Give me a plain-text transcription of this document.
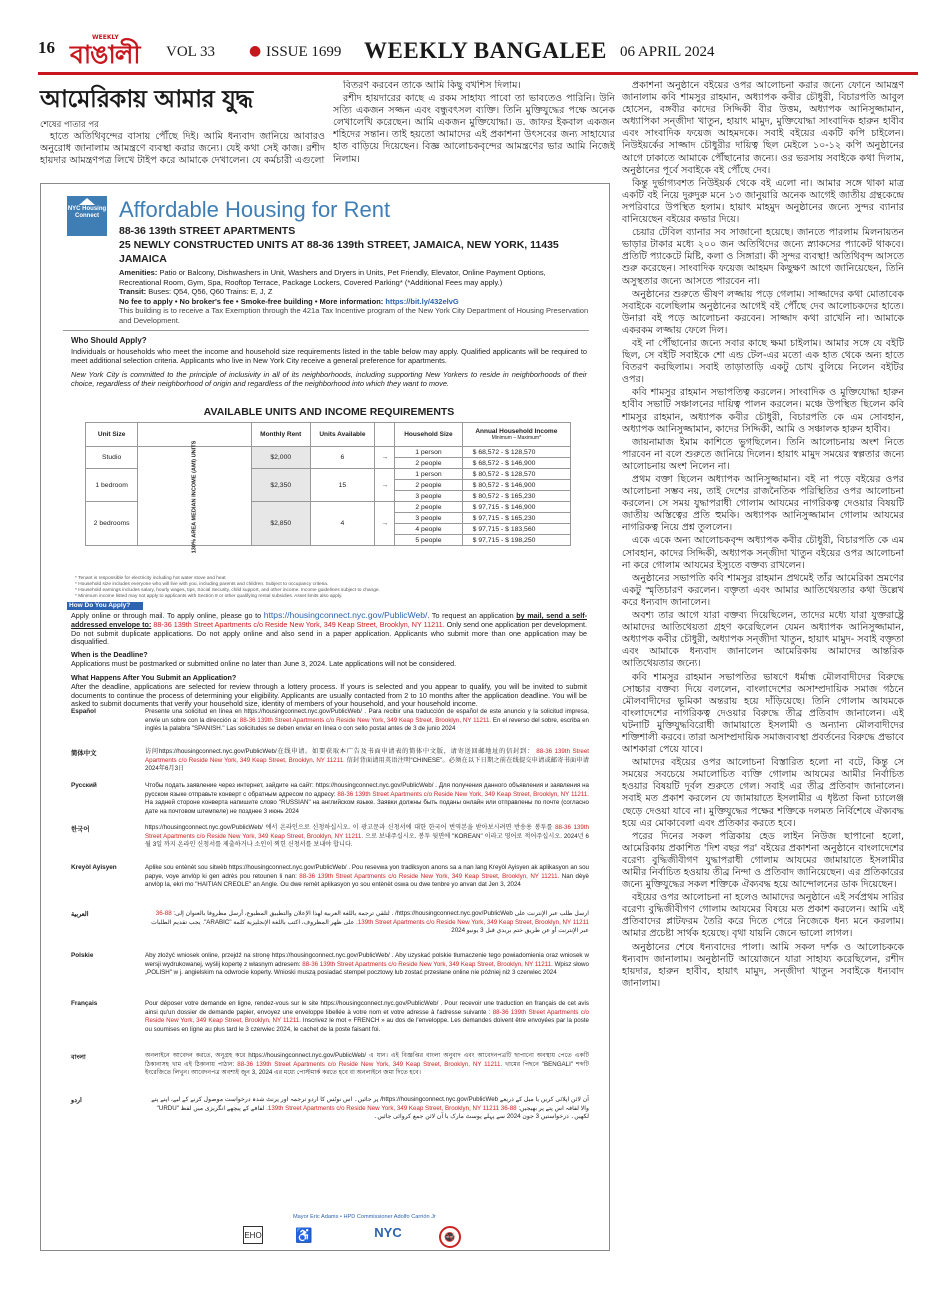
16
WEEKLY
বাঙালী VOL 33 ● ISSUE 1699 WEEKLY BANGALEE 06 APRIL 2024
আমেরিকায় আমার যুদ্ধ
শেষের পাতার পর

হাতে অতিথিবৃন্দের বাসায় পৌঁছে দিই। আমি ধন্যবাদ জানিয়ে আবারও অনুরোধ জানালাম আমন্ত্রণে ব্যবস্থা করার জন্যে। যেই কথা সেই কাজ। রশীদ হায়দার আমন্ত্রণপত্র লিখে টাইপ করে আমাকে দেখালেন। যে কর্মচারী এগুলো

বিতরণ করবেন তাকে আমি কিছু বখশিস দিলাম।

রশীদ হায়দারের কাছে এ রকম সাহায্য পাবো তা ভাবতেও পারিনি। উনি সত্যি একজন সজ্জন এবং বন্ধুবৎসল ব্যক্তি। তিনি মুক্তিযুদ্ধের পক্ষে অনেক লেখালেখি করেছেন। আমি একজন মুক্তিযোদ্ধা। ড. জাফর ইকবাল একজন শহিদের সন্তান। তাই হয়তো আমাদের এই প্রকাশনা উৎসবের জন্য সাহায্যের হাত বাড়িয়ে দিয়েছেন। বিজ্ঞ আলোচকবৃন্দের আমন্ত্রণের ভার আমি নিজেই নিলাম।

প্রকাশনা অনুষ্ঠানে বইয়ের ওপর আলোচনা করার জন্যে ফোনে আমন্ত্রণ জানালাম কবি শামসুর রাহমান, অধ্যাপক কবীর চৌধুরী, বিচারপতি আবুল হোসেন, বঙ্গবীর কাদের সিদ্দিকী বীর উত্তম, অধ্যাপক আনিসুজ্জামান, অধ্যাপিকা সন্জীদা খাতুন, হায়াৎ মামুদ, মুক্তিযোদ্ধা সাংবাদিক হারুন হাবীব এবং সাংবাদিক ফয়েজ আহমদকে। সবাই বইয়ের একটি কপি চাইলেন। নিউইয়র্কের সাজ্জাদ চৌধুরীর দায়িত্ব ছিল মেইলে ১০-১২ কপি অনুষ্ঠানের আগে ঢাকাতে আমাকে পৌঁছানোর জন্যে। ওর ভরসায় সবাইকে কথা দিলাম, অনুষ্ঠানের পূর্বে সবাইকে বই পৌঁছে দেব।

কিন্তু দুর্ভাগ্যবশত নিউইয়র্ক থেকে বই এলো না। আমার সঙ্গে থাকা মাত্র একটি বই নিয়ে দুরুদুরু মনে ১৩ জানুয়ারি অনেক আগেই জাতীয় গ্রন্থকেন্দ্রে সপরিবারে উপস্থিত হলাম। হায়াৎ মাহমুদ অনুষ্ঠানের জন্যে সুন্দর ব্যানার বানিয়েছেন বইয়ের কভার দিয়ে।

চেয়ার টেবিল ব্যানার সব সাজানো হয়েছে। জানতে পারলাম মিলনায়তন ভাড়ার টাকার মধ্যে ২০০ জন অতিথিদের জন্যে স্ন্যাকসের প্যাকেট থাকবে। প্রতিটি প্যাকেটে মিষ্টি, কলা ও সিঙ্গারা। কী সুন্দর ব্যবস্থা! অতিথিবৃন্দ আসতে শুরু করেছেন। সাংবাদিক ফয়েজ আহমদ কিছুক্ষণ আগে জানিয়েছেন, তিনি অসুস্থতার জন্যে আসতে পারবেন না।

অনুষ্ঠানের শুরুতে ভীষণ লজ্জায় পড়ে গেলাম। সাজ্জাদের কথা মোতাবেক সবাইকে বলেছিলাম অনুষ্ঠানের আগেই বই পৌঁছে দেব আলোচকদের হাতে। উনারা বই পড়ে আলোচনা করবেন। সাজ্জাদ কথা রাখেনি না। আমাকে একরকম লজ্জায় ফেলে দিল।

বই না পৌঁছানোর জন্যে সবার কাছে ক্ষমা চাইলাম। আমার সঙ্গে যে বইটি ছিল, সে বইটি সবাইকে শো এন্ড টেল-এর মতো এক হাত থেকে অন্য হাতে বিতরণ করছিলাম। সবাই তাড়াতাড়ি একটু চোখ বুলিয়ে নিলেন বইটির ওপর।

কবি শামসুর রাহমান সভাপতিত্ব করলেন। সাংবাদিক ও মুক্তিযোদ্ধা হারুন হাবীব সভাটি সঞ্চালনের দায়িত্ব পালন করলেন। মঞ্চে উপস্থিত ছিলেন কবি শামসুর রাহমান, অধ্যাপক কবীর চৌধুরী, বিচারপতি কে এম সোবহান, অধ্যাপক আনিসুজ্জামান, কাদের সিদ্দিকী, আমি ও সঞ্চালক হারুন হাবীব।

জায়নামাজ ইমাম কাশিতে ভুগছিলেন। তিনি আলোচনায় অংশ নিতে পারবেন না বলে শুরুতে জানিয়ে দিলেন। হায়াৎ মামুদ সময়ের স্বল্পতার জন্যে আলোচনায় অংশ নিলেন না।

প্রথম বক্তা ছিলেন অধ্যাপক আনিসুজ্জামান। বই না পড়ে বইয়ের ওপর আলোচনা সম্ভব নয়, তাই দেশের রাজনৈতিক পরিস্থিতির ওপর আলোচনা করলেন। সে সময় যুদ্ধাপরাধী গোলাম আযমের নাগরিকত্ব দেওয়ার বিষয়টি জাতীয় অস্তিত্বের প্রতি হুমকি। অধ্যাপক আনিসুজ্জামান গোলাম আযমের নাগরিকত্ব নিয়ে প্রশ্ন তুললেন।

একে একে অন্য আলোচকবৃন্দ অধ্যাপক কবীর চৌধুরী, বিচারপতি কে এম সোবহান, কাদের সিদ্দিকী, অধ্যাপক সন্জীদা খাতুন বইয়ের ওপর আলোচনা না করে গোলাম আযমের ইস্যুতে বক্তব্য রাখলেন।

অনুষ্ঠানের সভাপতি কবি শামসুর রাহমান প্রথমেই তাঁর আমেরিকা ভ্রমণের একটু স্মৃতিচারণ করলেন। বক্তৃতা এবং আমার আতিথেয়তার কথা উল্লেখ করে ধন্যবাদ জানালেন।

অবশ্য তার আগে যারা বক্তব্য দিয়েছিলেন, তাদের মধ্যে যারা যুক্তরাষ্ট্রে আমাদের আতিথেয়তা গ্রহণ করেছিলেন যেমন অধ্যাপক আনিসুজ্জামান, অধ্যাপক কবীর চৌধুরী, অধ্যাপক সন্জীদা খাতুন, হায়াৎ মামুদ- সবাই বক্তৃতা এবং আমাকে ধন্যবাদ জানালেন আমেরিকায় আমাদের আন্তরিক আতিথেয়তার জন্যে।

কবি শামসুর রাহমান সভাপতির ভাষণে ধর্মান্ধ মৌলবাদীদের বিরুদ্ধে সোচ্চার বক্তব্য দিয়ে বললেন, বাংলাদেশের অসাম্প্রদায়িক সমাজ গঠনে মৌলবাদীদের ভূমিকা অন্তরায় হয়ে দাঁড়িয়েছে। তিনি গোলাম আযমকে বাংলাদেশের নাগরিকত্ব দেওয়ার বিরুদ্ধে তীব্র প্রতিবাদ জানালেন। এই ঘটনাটি মুক্তিযুদ্ধবিরোধী জামায়াতে ইসলামী ও অন্যান্য মৌলবাদীদের শক্তিশালী করবে। তারা অসাম্প্রদায়িক সমাজব্যবস্থা প্রবর্তনের বিরুদ্ধে প্রভাবে আশকারা পেয়ে যাবে।

আমাদের বইয়ের ওপর আলোচনা বিস্তারিত হলো না বটে, কিন্তু সে সময়ের সবচেয়ে সমালোচিত ব্যক্তি গোলাম আযমের আমীর নির্বাচিত হওয়ার বিষয়টি দূর্বল শুরুতে গেল। সবাই এর তীব্র প্রতিবাদ জানালেন। সবাই মত প্রকাশ করলেন যে জামায়াতে ইসলামীর এ ধৃষ্টতা কিনা চ্যালেঞ্জ ছেড়ে দেওয়া যাবে না। মুক্তিযুদ্ধের পক্ষের শক্তিকে দলমত নির্বিশেষে ঐক্যবদ্ধ হয়ে এর মোকাবেলা এবং প্রতিকার করতে হবে।

পরের দিনের সকল পত্রিকায় হেড লাইন নিউজ ছাপানো হলো, আমেরিকায় প্রকাশিত 'দিশ বছর পর' বইয়ের প্রকাশনা অনুষ্ঠানে বাংলাদেশের বরেণ্য বুদ্ধিজীবীগণ যুদ্ধাপরাধী গোলাম আযমের জামায়াতে ইসলামীর আমীর নির্বাচিত হওয়ায় তীব্র নিন্দা ও প্রতিবাদ জানিয়েছেন। এর প্রতিকারের জন্যে মুক্তিযুদ্ধের সকল শক্তিকে ঐক্যবদ্ধ হয়ে আন্দোলনের ডাক দিয়েছেন।

বইয়ের ওপর আলোচনা না হলেও আমাদের অনুষ্ঠানে এই সর্বপ্রথম সারির বরেণ্য বুদ্ধিজীবীগণ গোলাম আযমের বিষয়ে মত প্রকাশ করলেন। আমি এই প্রতিবাদের প্লাটফরম তৈরি করে দিতে পেরে নিজেকে ধন্য মনে করলাম। আমার প্রচেষ্টা সার্থক হয়েছে। বৃথা যায়নি জেনে ভালো লাগল।

অনুষ্ঠানের শেষে ধন্যবাদের পালা। আমি সকল দর্শক ও আলোচককে ধন্যবাদ জানালাম। অনুষ্ঠানটি আয়োজনে যারা সাহায্য করেছিলেন, রশীদ হায়দার, হারুন হাবীব, হায়াৎ মামুদ, সন্জীদা খাতুন সবাইকে ধন্যবাদ জানালাম।

NYC Housing Connect Affordable Housing for Rent
88-36 139th STREET APARTMENTS
25 NEWLY CONSTRUCTED UNITS AT 88-36 139th STREET, JAMAICA, NEW YORK, 11435
JAMAICA
Amenities: Patio or Balcony, Dishwashers in Unit, Washers and Dryers in Units, Pet Friendly, Elevator, Online Payment Options, Recreational Room, Gym, Spa, Rooftop Terrace, Package Lockers, Covered Parking* (*Additional Fees may apply.)
Transit: Buses: Q54, Q56, Q60 Trains: E, J, Z
No fee to apply • No broker's fee • Smoke-free building • More information: https://bit.ly/432elvG
This building is to receive a Tax Exemption through the 421a Tax Incentive program of the New York City Department of Housing Preservation and Development.
Who Should Apply?
Individuals or households who meet the income and household size requirements listed in the table below may apply. Qualified applicants will be required to meet additional selection criteria. Applicants who live in New York City receive a general preference for apartments.
New York City is committed to the principle of inclusivity in all of its neighborhoods, including supporting New Yorkers to reside in neighborhoods of their choice, regardless of their neighborhood of origin and regardless of the neighborhood into which they want to move.
AVAILABLE UNITS AND INCOME REQUIREMENTS
Unit Size		Monthly Rent	Units Available		Household Size	Annual Household Income
Minimum – Maximum*

Studio	130% AREA MEDIAN INCOME (AMI) UNITS	$2,000	6	→	1 person	$ 68,572 - $ 128,570
					2 people	$ 68,572 - $ 146,900
1 bedroom		$2,350	15	→	1 person	$ 80,572 - $ 128,570
					2 people	$ 80,572 - $ 146,900
					3 people	$ 80,572 - $ 165,230
2 bedrooms		$2,850	4	→	2 people	$ 97,715 - $ 146,900
					3 people	$ 97,715 - $ 165,230
					4 people	$ 97,715 - $ 183,560
					5 people	$ 97,715 - $ 198,250
* Tenant is responsible for electricity including hot water stove and heat
* Household size includes everyone who will live with you, including parents and children. Subject to occupancy criteria.
* Household earnings includes salary, hourly wages, tips, Social Security, child support, and other income. Income guidelines subject to change.
* Minimum income listed may not apply to applicants with Section 8 or other qualifying rental subsidies. Asset limits also apply.
How Do You Apply?
Apply online or through mail. To apply online, please go to https://housingconnect.nyc.gov/PublicWeb/. To request an application by mail, send a self-addressed envelope to: 88-36 139th Street Apartments c/o Reside New York, 349 Keap Street, Brooklyn, NY 11211. Only send one application per development. Do not submit duplicate applications. Do not apply online and also send in a paper application. Applicants who submit more than one application may be disqualified.
When is the Deadline?
Applications must be postmarked or submitted online no later than June 3, 2024. Late applications will not be considered.
What Happens After You Submit an Application?
After the deadline, applications are selected for review through a lottery process. If yours is selected and you appear to qualify, you will be invited to submit documents to continue the process of determining your eligibility. Applicants are usually contacted from 2 to 10 months after the application deadline. You will be asked to submit documents that verify your household size, identity of members of your household, and your household income.
Español	Presente una solicitud en línea en https://housingconnect.nyc.gov/PublicWeb/ . Para recibir una traducción de español de este anuncio y la solicitud impresa, envíe un sobre con la dirección a: 88-36 139th Street Apartments c/o Reside New York, 349 Keap Street, Brooklyn, NY 11211. En el reverso del sobre, escriba en inglés la palabra "SPANISH." Las solicitudes se deben enviar en línea o con sello postal antes de 3 de junio 2024
简体中文	访问https://housingconnect.nyc.gov/PublicWeb/在线申请。如要获取本广告及书面申请表的简体中文版，请寄送回邮地址的信封到： 88-36 139th Street Apartments c/o Reside New York, 349 Keap Street, Brooklyn, NY 11211. 信封背面请用英语注明“CHINESE”。必须在以下日期之前在线提交申请或邮寄书面申请2024年6月3日
Русский	Чтобы подать заявление через интернет, зайдите на сайт: https://housingconnect.nyc.gov/PublicWeb/ . Для получения данного объявления и заявления на русском языке отправьте конверт с обратным адресом по адресу: 88-36 139th Street Apartments c/o Reside New York, 349 Keap Street, Brooklyn, NY 11211. На задней стороне конверта напишите слово "RUSSIAN" на английском языке. Заявки должны быть поданы онлайн или отправлены по почте (согласно дате на почтовом штемпеле) не позднее 3 июнь 2024
한국어	https://housingconnect.nyc.gov/PublicWeb/ 에서 온라인으로 신청하십시오. 이 광고문과 신청서에 대한 한국어 번역본을 받아보시려면 반송용 봉투를 88-36 139th Street Apartments c/o Reside New York, 349 Keap Street, Brooklyn, NY 11211. 으로 보내주십시오. 봉투 뒷면에 "KOREAN" 이라고 영어로 적어주십시오. 2024년 6월 3일 까지 온라인 신청서를 제출하거나 소인이 찍힌 신청서를 보내야 합니다.
Kreyòl Ayisyen	Aplike sou entènèt sou sitwèb https://housingconnect.nyc.gov/PublicWeb/ . Pou resevwa yon tradiksyon anons sa a nan lang Kreyòl Ayisyen ak aplikasyon an sou papye, voye anvlòp ki gen adrès pou retounen li nan: 88-36 139th Street Apartments c/o Reside New York, 349 Keap Street, Brooklyn, NY 11211. Nan dèyè anvlòp la, ekri mo "HAITIAN CREOLE" an Angle. Ou dwe remèt aplikasyon yo sou entènèt oswa ou dwe tenbre yo anvan dat Jen 3, 2024
العربية	ارسل طلب عبر الإنترنت على https://housingconnect.nyc.gov/PublicWeb/ . لتلقي ترجمة باللغة العربية لهذا الإعلان والتطبيق المطبوع، أرسل مظروفا بالعنوان إلى: 88-36 139th Street Apartments c/o Reside New York, 349 Keap Street, Brooklyn, NY 11211. على ظهر المظروف، اكتب باللغة الإنجليزية كلمة "ARABIC". يجب تقديم الطلبات عبر الإنترنت أو عن طريق ختم بريدي قبل 3 يونيو 2024
Polskie	Aby złożyć wniosek online, przejdź na stronę https://housingconnect.nyc.gov/PublicWeb/ . Aby uzyskać polskie tłumaczenie tego powiadomienia oraz wniosek w wersji wydrukowanej, wyślij kopertę z własnym adresem: 88-36 139th Street Apartments c/o Reside New York, 349 Keap Street, Brooklyn, NY 11211. Wpisz słowo „POLISH" w j. angielskim na odwrocie koperty. Wnioski muszą posiadać stempel pocztowy lub zostać przesłane online nie później niż 3 czerwiec 2024
Français	Pour déposer votre demande en ligne, rendez-vous sur le site https://housingconnect.nyc.gov/PublicWeb/ . Pour recevoir une traduction en français de cet avis ainsi qu'un dossier de demande papier, envoyez une enveloppe libellée à votre nom et votre adresse à l'adresse suivante : 88-36 139th Street Apartments c/o Reside New York, 349 Keap Street, Brooklyn, NY 11211. Inscrivez le mot « FRENCH » au dos de l'enveloppe. Les demandes doivent être envoyées par la poste ou soumises en ligne au plus tard le 3 czerwiec 2024, le cachet de la poste faisant foi.
বাংলা	অনলাইনে আবেদন করতে, অনুগ্রহ করে https://housingconnect.nyc.gov/PublicWeb/ এ যান। এই বিজ্ঞপ্তির বাংলা অনুবাদ এবং আবেদনপত্রটি ছাপানো অবস্থায় পেতে একটি ঠিকানাসহ খাম এই ঠিকানায় পাঠান: 88-36 139th Street Apartments c/o Reside New York, 349 Keap Street, Brooklyn, NY 11211. খামের পিছনে "BENGALI" শব্দটি ইংরেজিতে লিখুন। আবেদনপত্র অবশ্যই জুন 3, 2024 এর মধ্যে পোস্টমার্ক করতে হবে বা অনলাইনে জমা দিতে হবে।
اردو	آن لائن اپلائی کریں یا میل کے ذریعے https://housingconnect.nyc.gov/PublicWeb/ پر جائیں۔ اس نوٹس کا اردو ترجمہ اور پرنٹ شدہ درخواست موصول کرنے کے لیے، اپنے پتے والا لفافہ اس پتے پر بھیجیں: 88-36 139th Street Apartments c/o Reside New York, 349 Keap Street, Brooklyn, NY 11211. لفافے کے پیچھے انگریزی میں لفظ "URDU" لکھیں۔ درخواستیں 3 جون 2024 سے پہلے پوسٹ مارک یا آن لائن جمع کروائی جائیں۔
Mayor Eric Adams • HPD Commissioner Adolfo Carrión Jr
EHO ♿	NYC	🚭
